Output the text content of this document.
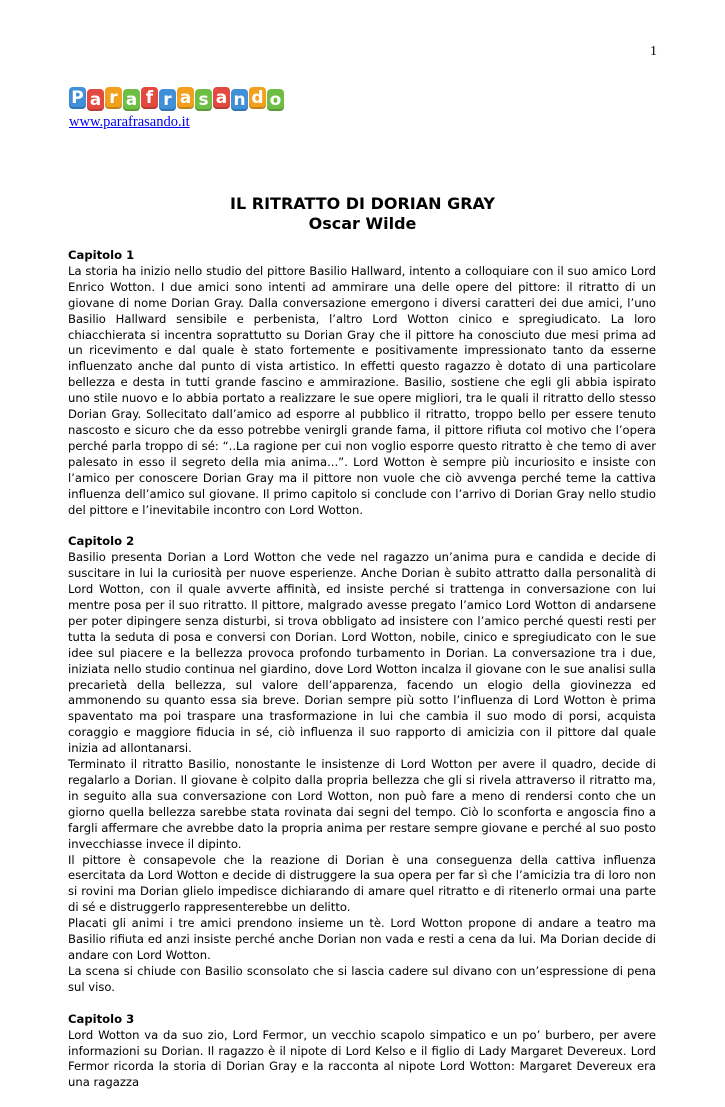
1
P a r a f r a s a n d o
www.parafrasando.it
IL RITRATTO DI DORIAN GRAY
Oscar Wilde
Capitolo 1

La storia ha inizio nello studio del pittore Basilio Hallward, intento a colloquiare con il suo amico Lord Enrico Wotton. I due amici sono intenti ad ammirare una delle opere del pittore: il ritratto di un giovane di nome Dorian Gray. Dalla conversazione emergono i diversi caratteri dei due amici, l’uno Basilio Hallward sensibile e perbenista, l’altro Lord Wotton cinico e spregiudicato. La loro chiacchierata si incentra soprattutto su Dorian Gray che il pittore ha conosciuto due mesi prima ad un ricevimento e dal quale è stato fortemente e positivamente impressionato tanto da esserne influenzato anche dal punto di vista artistico. In effetti questo ragazzo è dotato di una particolare bellezza e desta in tutti grande fascino e ammirazione. Basilio, sostiene che egli gli abbia ispirato uno stile nuovo e lo abbia portato a realizzare le sue opere migliori, tra le quali il ritratto dello stesso Dorian Gray. Sollecitato dall’amico ad esporre al pubblico il ritratto, troppo bello per essere tenuto nascosto e sicuro che da esso potrebbe venirgli grande fama, il pittore rifiuta col motivo che l’opera perché parla troppo di sé: “..La ragione per cui non voglio esporre questo ritratto è che temo di aver palesato in esso il segreto della mia anima...”. Lord Wotton è sempre più incuriosito e insiste con l’amico per conoscere Dorian Gray ma il pittore non vuole che ciò avvenga perché teme la cattiva influenza dell’amico sul giovane. Il primo capitolo si conclude con l’arrivo di Dorian Gray nello studio del pittore e l’inevitabile incontro con Lord Wotton.

Capitolo 2

Basilio presenta Dorian a Lord Wotton che vede nel ragazzo un’anima pura e candida e decide di suscitare in lui la curiosità per nuove esperienze. Anche Dorian è subito attratto dalla personalità di Lord Wotton, con il quale avverte affinità, ed insiste perché si trattenga in conversazione con lui mentre posa per il suo ritratto. Il pittore, malgrado avesse pregato l’amico Lord Wotton di andarsene per poter dipingere senza disturbi, si trova obbligato ad insistere con l’amico perché questi resti per tutta la seduta di posa e conversi con Dorian. Lord Wotton, nobile, cinico e spregiudicato con le sue idee sul piacere e la bellezza provoca profondo turbamento in Dorian. La conversazione tra i due, iniziata nello studio continua nel giardino, dove Lord Wotton incalza il giovane con le sue analisi sulla precarietà della bellezza, sul valore dell’apparenza, facendo un elogio della giovinezza ed ammonendo su quanto essa sia breve. Dorian sempre più sotto l’influenza di Lord Wotton è prima spaventato ma poi traspare una trasformazione in lui che cambia il suo modo di porsi, acquista coraggio e maggiore fiducia in sé, ciò influenza il suo rapporto di amicizia con il pittore dal quale inizia ad allontanarsi.

Terminato il ritratto Basilio, nonostante le insistenze di Lord Wotton per avere il quadro, decide di regalarlo a Dorian. Il giovane è colpito dalla propria bellezza che gli si rivela attraverso il ritratto ma, in seguito alla sua conversazione con Lord Wotton, non può fare a meno di rendersi conto che un giorno quella bellezza sarebbe stata rovinata dai segni del tempo. Ciò lo sconforta e angoscia fino a fargli affermare che avrebbe dato la propria anima per restare sempre giovane e perché al suo posto invecchiasse invece il dipinto.

Il pittore è consapevole che la reazione di Dorian è una conseguenza della cattiva influenza esercitata da Lord Wotton e decide di distruggere la sua opera per far sì che l’amicizia tra di loro non si rovini ma Dorian glielo impedisce dichiarando di amare quel ritratto e di ritenerlo ormai una parte di sé e distruggerlo rappresenterebbe un delitto.

Placati gli animi i tre amici prendono insieme un tè. Lord Wotton propone di andare a teatro ma Basilio rifiuta ed anzi insiste perché anche Dorian non vada e resti a cena da lui. Ma Dorian decide di andare con Lord Wotton.

La scena si chiude con Basilio sconsolato che si lascia cadere sul divano con un’espressione di pena sul viso.

Capitolo 3

Lord Wotton va da suo zio, Lord Fermor, un vecchio scapolo simpatico e un po’ burbero, per avere informazioni su Dorian. Il ragazzo è il nipote di Lord Kelso e il figlio di Lady Margaret Devereux. Lord Fermor ricorda la storia di Dorian Gray e la racconta al nipote Lord Wotton: Margaret Devereux era una ragazza
